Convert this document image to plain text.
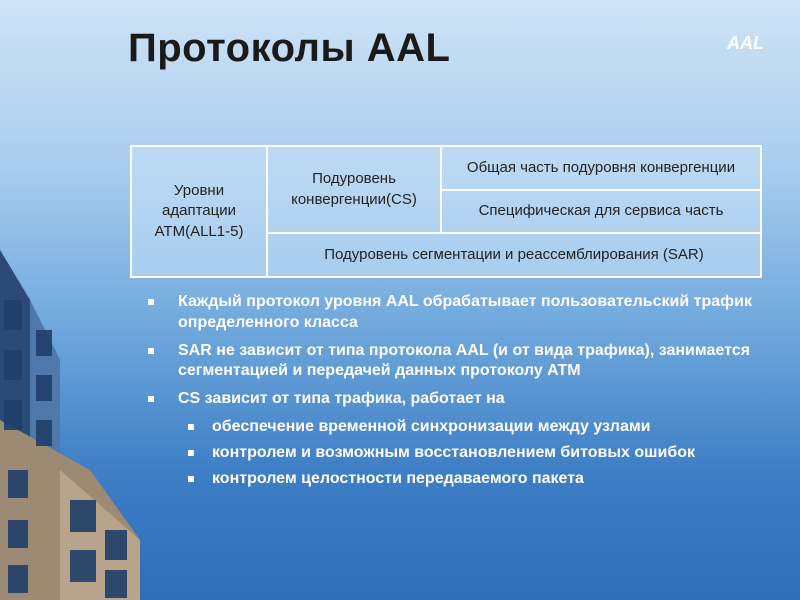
Протоколы AAL	AAL
Уровни адаптации ATM(ALL1-5)	Подуровень конвергенции(CS)	Общая часть подуровня конвергенции
Специфическая для сервиса часть
Подуровень сегментации и реассемблирования (SAR)
Каждый протокол уровня AAL обрабатывает пользовательский трафик определенного класса
SAR не зависит от типа протокола AAL (и от вида трафика), занимается сегментацией и передачей данных протоколу ATM
CS зависит от типа трафика, работает на
обеспечение временной синхронизации между узлами
контролем и возможным восстановлением битовых ошибок
контролем целостности передаваемого пакета
